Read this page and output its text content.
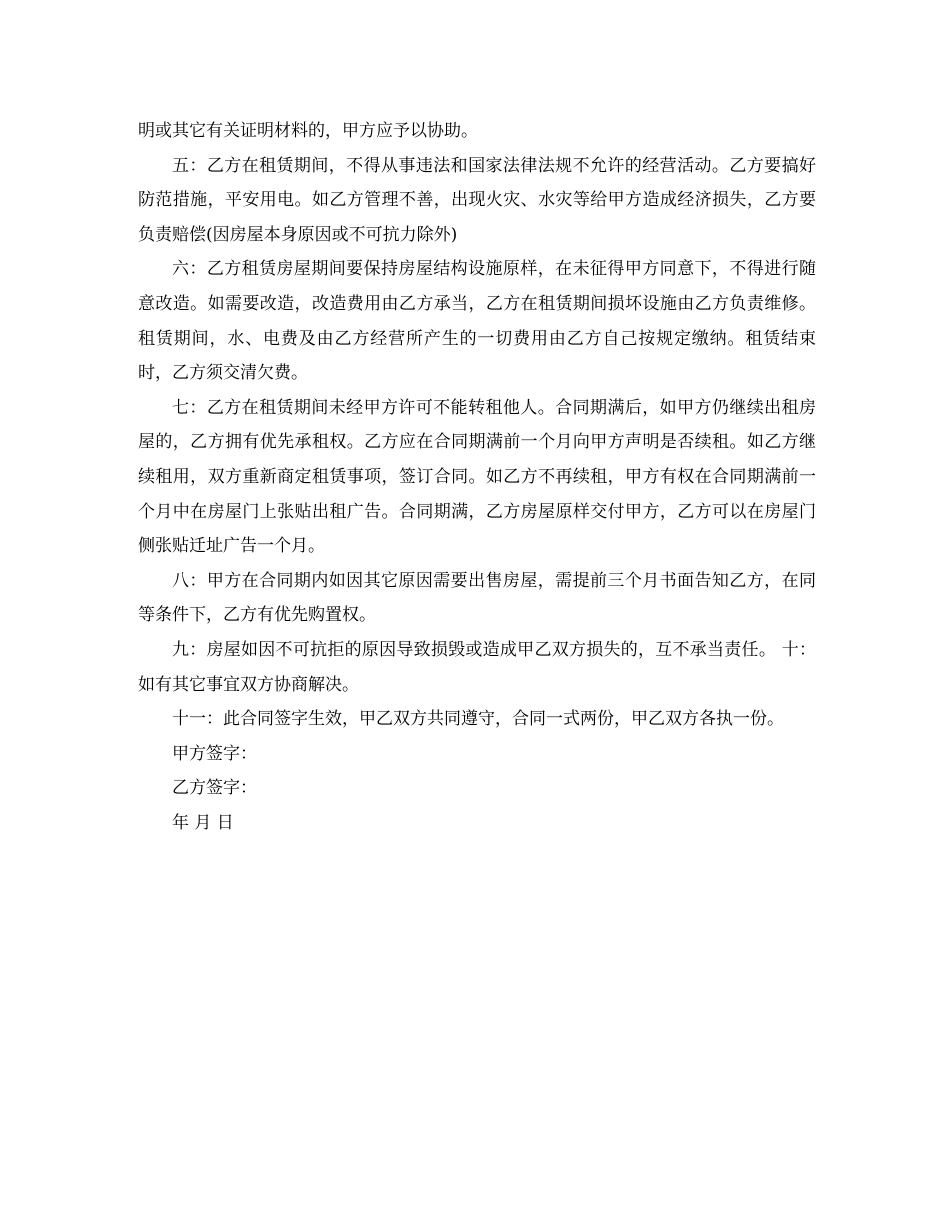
明或其它有关证明材料的，甲方应予以协助。

五：乙方在租赁期间，不得从事违法和国家法律法规不允许的经营活动。乙方要搞好防范措施，平安用电。如乙方管理不善，出现火灾、水灾等给甲方造成经济损失，乙方要负责赔偿(因房屋本身原因或不可抗力除外)

六：乙方租赁房屋期间要保持房屋结构设施原样，在未征得甲方同意下，不得进行随意改造。如需要改造，改造费用由乙方承当，乙方在租赁期间损坏设施由乙方负责维修。租赁期间，水、电费及由乙方经营所产生的一切费用由乙方自己按规定缴纳。租赁结束时，乙方须交清欠费。

七：乙方在租赁期间未经甲方许可不能转租他人。合同期满后，如甲方仍继续出租房屋的，乙方拥有优先承租权。乙方应在合同期满前一个月向甲方声明是否续租。如乙方继续租用，双方重新商定租赁事项，签订合同。如乙方不再续租，甲方有权在合同期满前一个月中在房屋门上张贴出租广告。合同期满，乙方房屋原样交付甲方，乙方可以在房屋门侧张贴迁址广告一个月。

八：甲方在合同期内如因其它原因需要出售房屋，需提前三个月书面告知乙方，在同等条件下，乙方有优先购置权。

九：房屋如因不可抗拒的原因导致损毁或造成甲乙双方损失的，互不承当责任。 十： 如有其它事宜双方协商解决。

十一：此合同签字生效，甲乙双方共同遵守，合同一式两份，甲乙双方各执一份。

甲方签字：

乙方签字：

年 月 日
